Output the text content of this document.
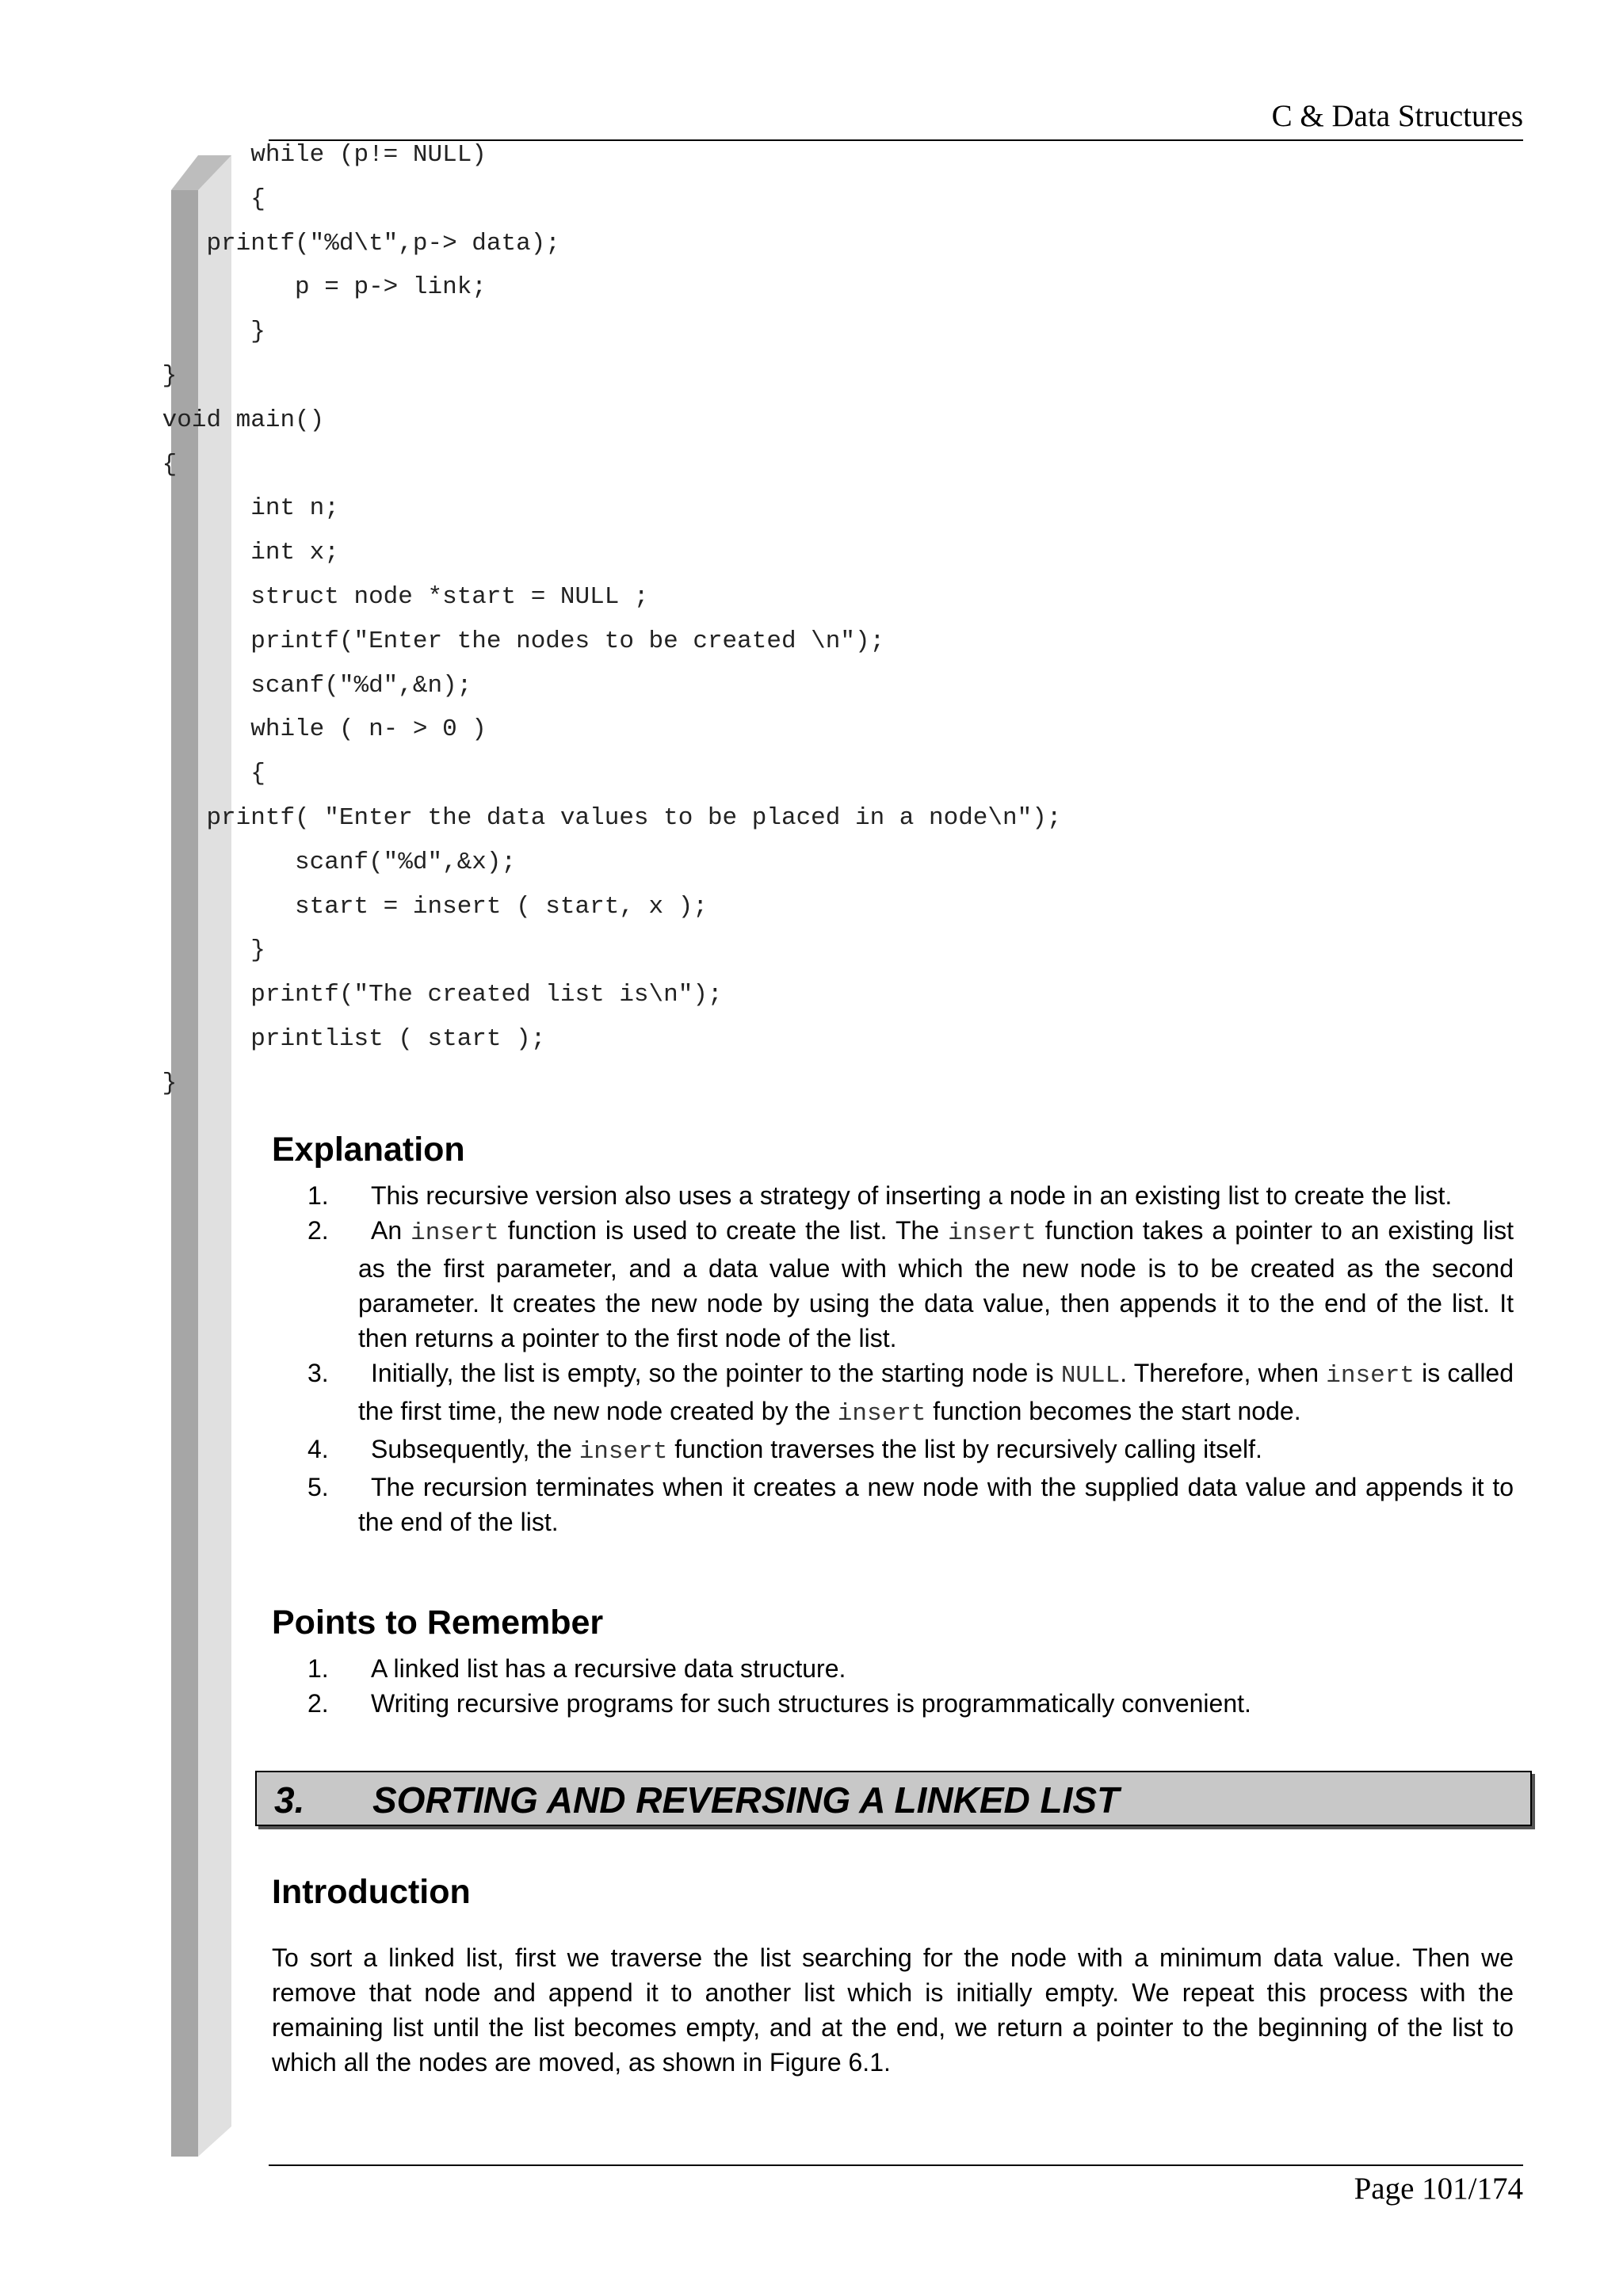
C & Data Structures
while (p!= NULL)
{
printf("%d\t",p-> data);
p = p-> link;
}
}
void main()
{
int n;
int x;
struct node *start = NULL ;
printf("Enter the nodes to be created \n");
scanf("%d",&n);
while ( n- > 0 )
{
printf( "Enter the data values to be placed in a node\n");
scanf("%d",&x);
start = insert ( start, x );
}
printf("The created list is\n");
printlist ( start );
}
Explanation
1.	This recursive version also uses a strategy of inserting a node in an existing list to create the list.
2.	An insert function is used to create the list. The insert function takes a pointer to an existing list as the first parameter, and a data value with which the new node is to be created as the second parameter. It creates the new node by using the data value, then appends it to the end of the list. It then returns a pointer to the first node of the list.
3.	Initially, the list is empty, so the pointer to the starting node is NULL. Therefore, when insert is called the first time, the new node created by the insert function becomes the start node.
4.	Subsequently, the insert function traverses the list by recursively calling itself.
5.	The recursion terminates when it creates a new node with the supplied data value and appends it to the end of the list.
Points to Remember
1.	A linked list has a recursive data structure.
2.	Writing recursive programs for such structures is programmatically convenient.
3. SORTING AND REVERSING A LINKED LIST
Introduction

To sort a linked list, first we traverse the list searching for the node with a minimum data value. Then we remove that node and append it to another list which is initially empty. We repeat this process with the remaining list until the list becomes empty, and at the end, we return a pointer to the beginning of the list to which all the nodes are moved, as shown in Figure 6.1.

Page 101/174
